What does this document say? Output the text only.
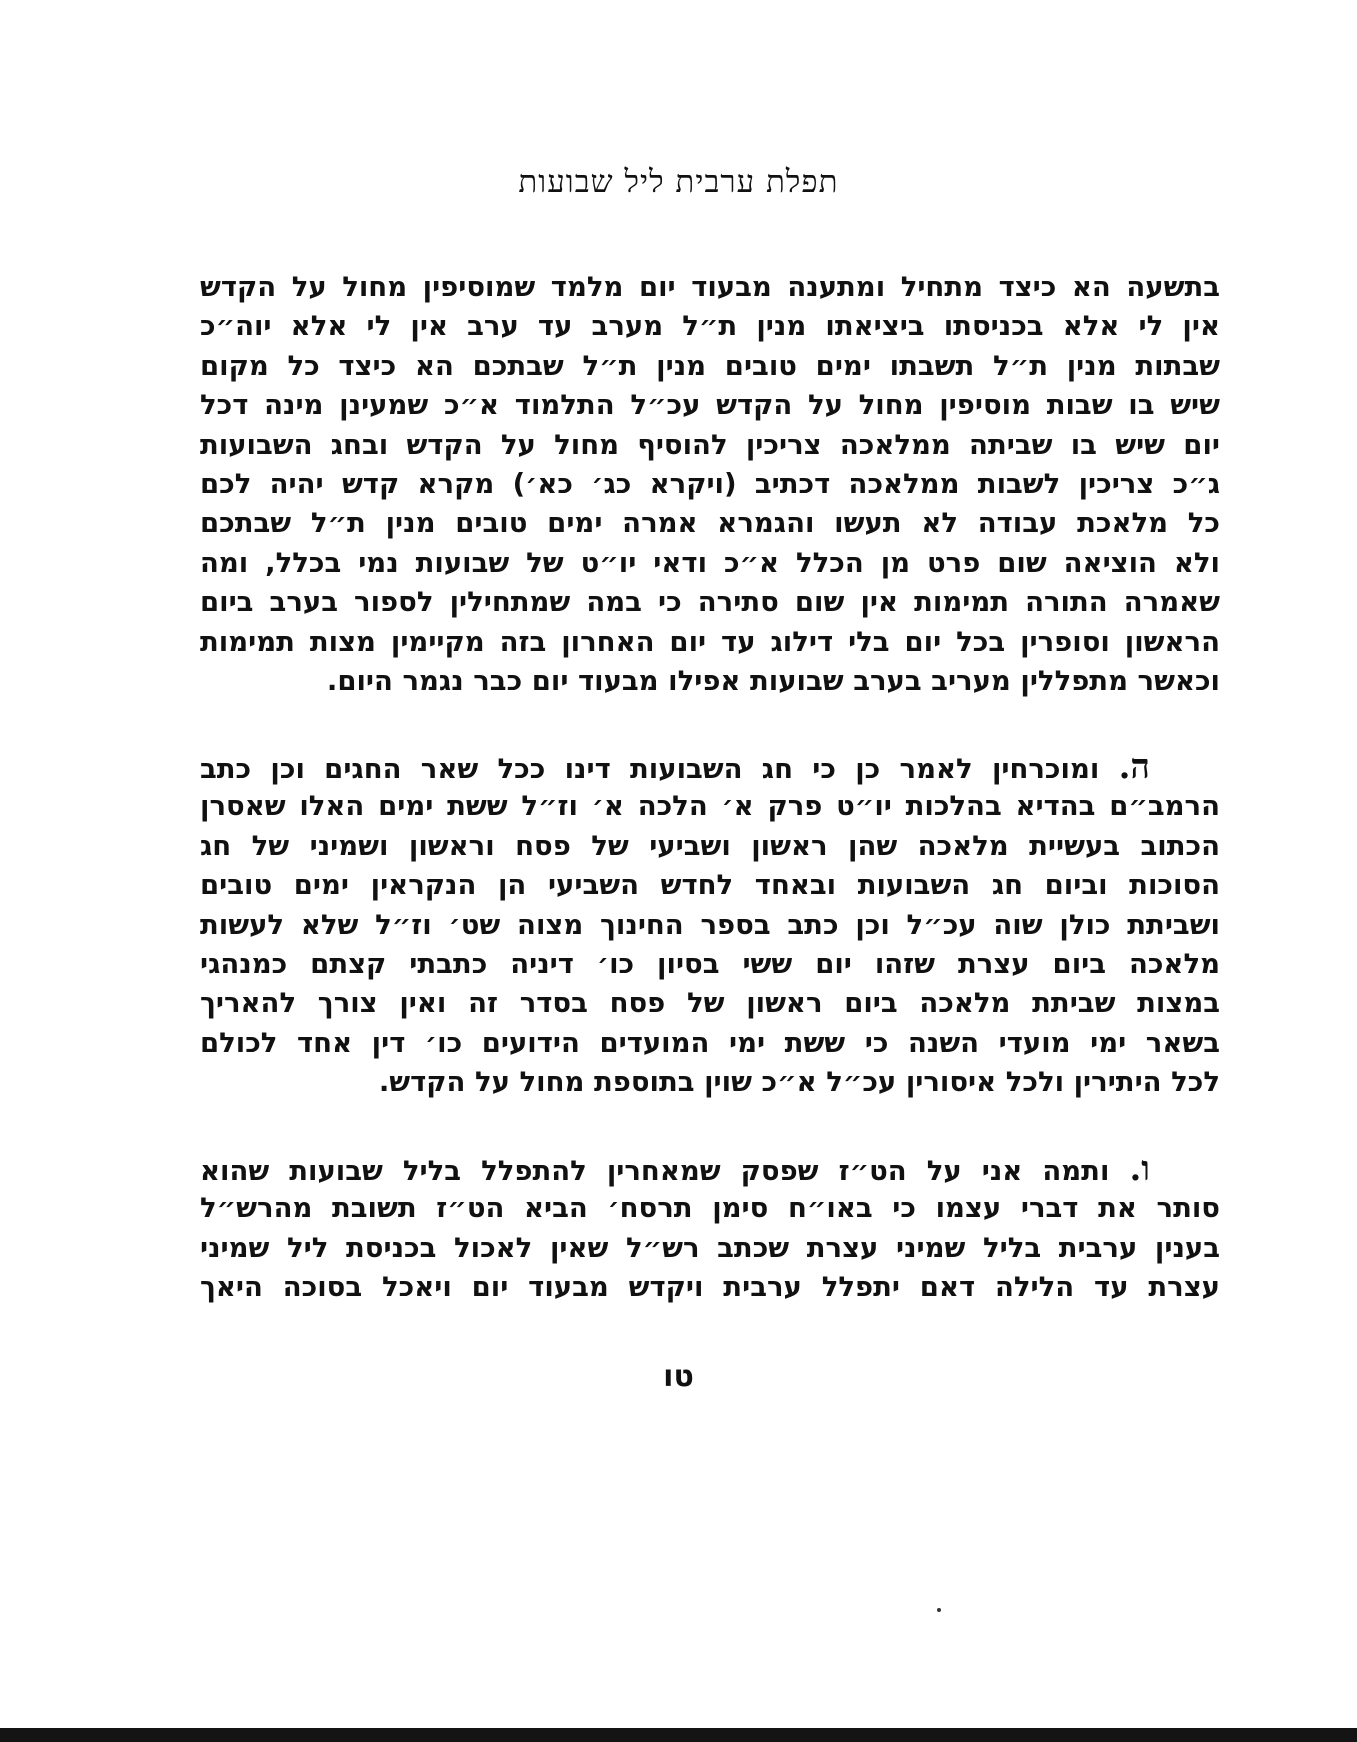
תפלת ערבית ליל שבועות
בתשעה הא כיצד מתחיל ומתענה מבעוד יום מלמד שמוסיפין מחול על הקדש
אין לי אלא בכניסתו ביציאתו מנין ת״ל מערב עד ערב אין לי אלא יוה״כ
שבתות מנין ת״ל תשבתו ימים טובים מנין ת״ל שבתכם הא כיצד כל מקום
שיש בו שבות מוסיפין מחול על הקדש עכ״ל התלמוד א״כ שמעינן מינה דכל
יום שיש בו שביתה ממלאכה צריכין להוסיף מחול על הקדש ובחג השבועות
ג״כ צריכין לשבות ממלאכה דכתיב (ויקרא כג׳ כא׳) מקרא קדש יהיה לכם
כל מלאכת עבודה לא תעשו והגמרא אמרה ימים טובים מנין ת״ל שבתכם
ולא הוציאה שום פרט מן הכלל א״כ ודאי יו״ט של שבועות נמי בכלל, ומה
שאמרה התורה תמימות אין שום סתירה כי במה שמתחילין לספור בערב ביום
הראשון וסופרין בכל יום בלי דילוג עד יום האחרון בזה מקיימין מצות תמימות
וכאשר מתפללין מעריב בערב שבועות אפילו מבעוד יום כבר נגמר היום.
ה. ומוכרחין לאמר כן כי חג השבועות דינו ככל שאר החגים וכן כתב
הרמב״ם בהדיא בהלכות יו״ט פרק א׳ הלכה א׳ וז״ל ששת ימים האלו שאסרן
הכתוב בעשיית מלאכה שהן ראשון ושביעי של פסח וראשון ושמיני של חג
הסוכות וביום חג השבועות ובאחד לחדש השביעי הן הנקראין ימים טובים
ושביתת כולן שוה עכ״ל וכן כתב בספר החינוך מצוה שט׳ וז״ל שלא לעשות
מלאכה ביום עצרת שזהו יום ששי בסיון כו׳ דיניה כתבתי קצתם כמנהגי
במצות שביתת מלאכה ביום ראשון של פסח בסדר זה ואין צורך להאריך
בשאר ימי מועדי השנה כי ששת ימי המועדים הידועים כו׳ דין אחד לכולם
לכל היתירין ולכל איסורין עכ״ל א״כ שוין בתוספת מחול על הקדש.
ו. ותמה אני על הט״ז שפסק שמאחרין להתפלל בליל שבועות שהוא
סותר את דברי עצמו כי באו״ח סימן תרסח׳ הביא הט״ז תשובת מהרש״ל
בענין ערבית בליל שמיני עצרת שכתב רש״ל שאין לאכול בכניסת ליל שמיני
עצרת עד הלילה דאם יתפלל ערבית ויקדש מבעוד יום ויאכל בסוכה היאך
טו
